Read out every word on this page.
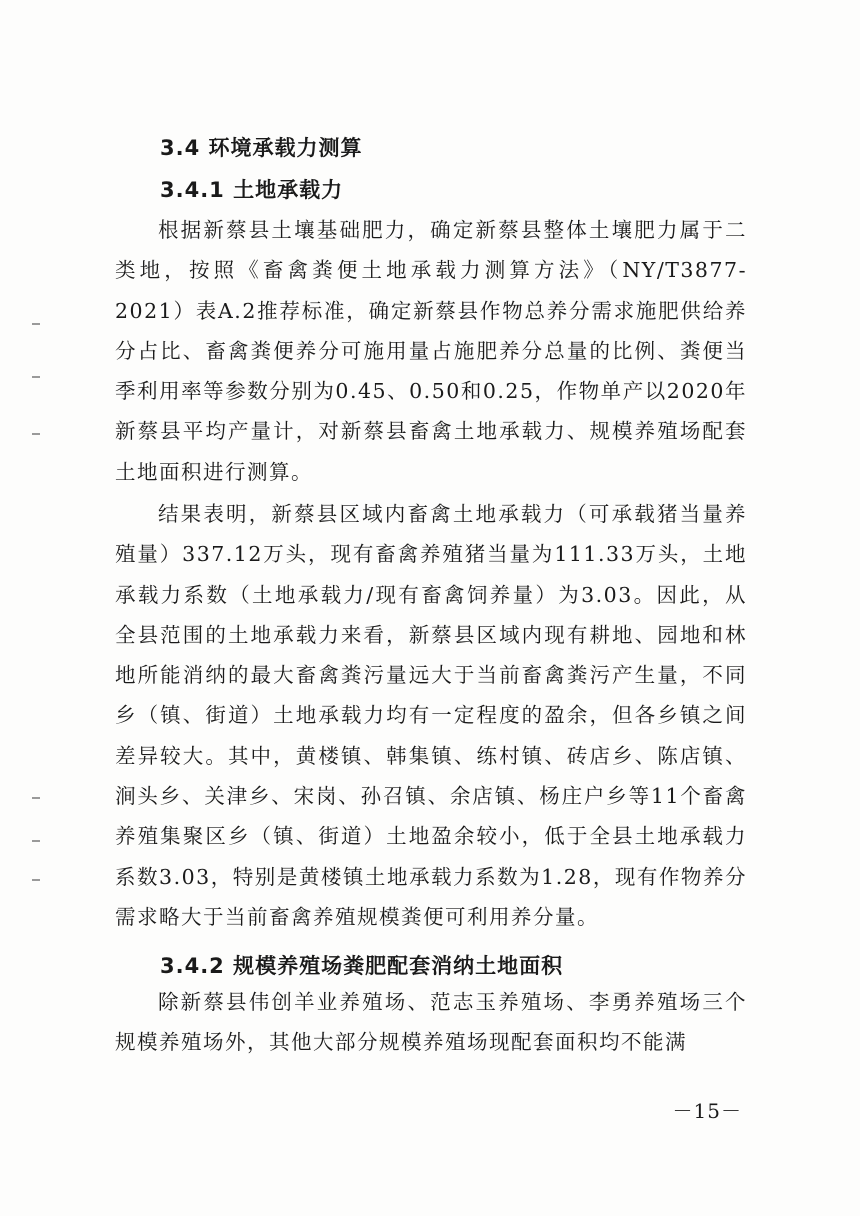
3.4 环境承载力测算
3.4.1 土地承载力

根据新蔡县土壤基础肥力，确定新蔡县整体土壤肥力属于二类地，按照《畜禽粪便土地承载力测算方法》（NY/T3877-2021）表A.2推荐标准，确定新蔡县作物总养分需求施肥供给养分占比、畜禽粪便养分可施用量占施肥养分总量的比例、粪便当季利用率等参数分别为0.45、0.50和0.25，作物单产以2020年新蔡县平均产量计，对新蔡县畜禽土地承载力、规模养殖场配套土地面积进行测算。

结果表明，新蔡县区域内畜禽土地承载力（可承载猪当量养殖量）337.12万头，现有畜禽养殖猪当量为111.33万头，土地承载力系数（土地承载力/现有畜禽饲养量）为3.03。因此，从全县范围的土地承载力来看，新蔡县区域内现有耕地、园地和林地所能消纳的最大畜禽粪污量远大于当前畜禽粪污产生量，不同乡（镇、街道）土地承载力均有一定程度的盈余，但各乡镇之间差异较大。其中，黄楼镇、韩集镇、练村镇、砖店乡、陈店镇、涧头乡、关津乡、宋岗、孙召镇、余店镇、杨庄户乡等11个畜禽养殖集聚区乡（镇、街道）土地盈余较小，低于全县土地承载力系数3.03，特别是黄楼镇土地承载力系数为1.28，现有作物养分需求略大于当前畜禽养殖规模粪便可利用养分量。

3.4.2 规模养殖场粪肥配套消纳土地面积

除新蔡县伟创羊业养殖场、范志玉养殖场、李勇养殖场三个规模养殖场外，其他大部分规模养殖场现配套面积均不能满

－15－
